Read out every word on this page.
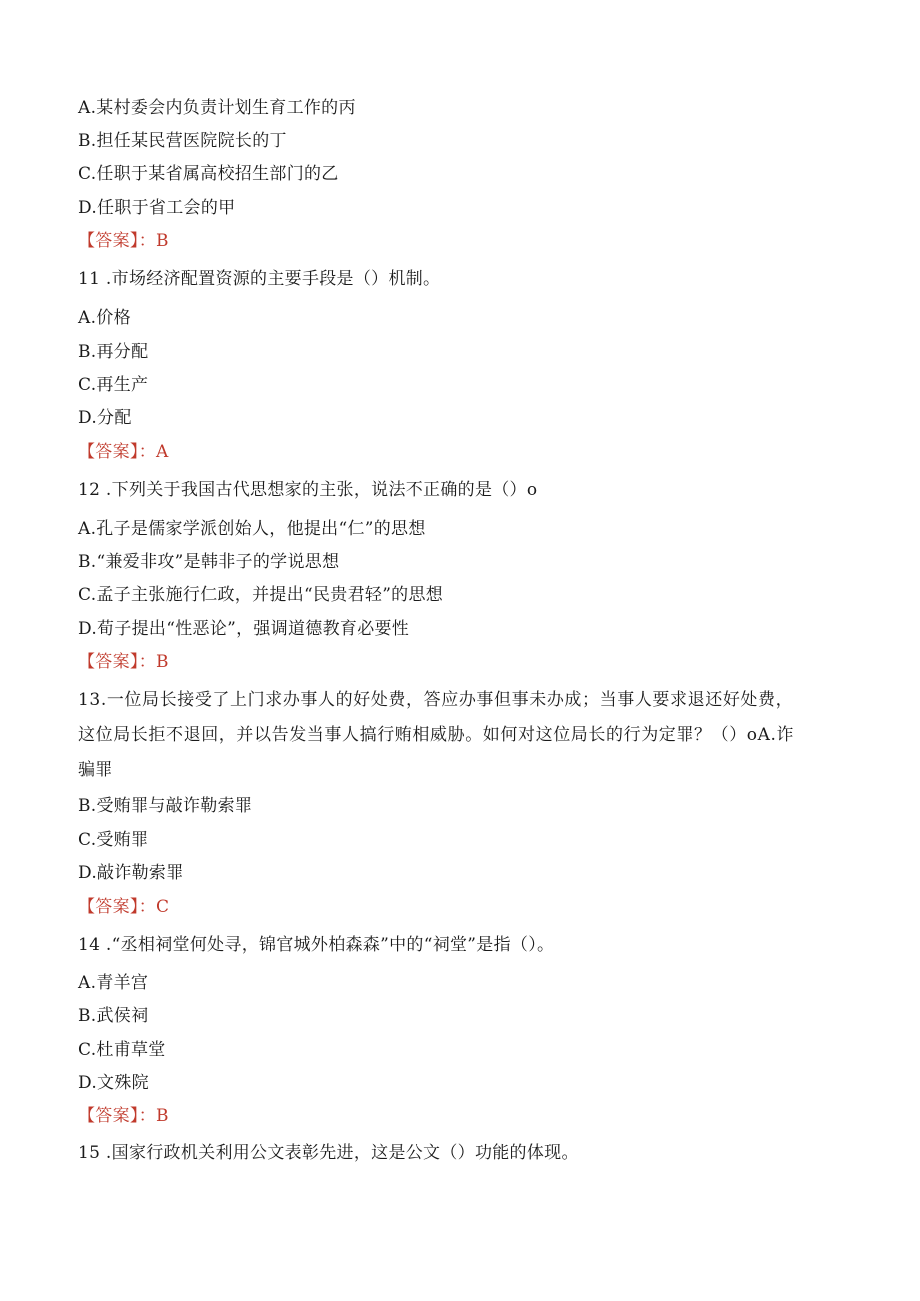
A.某村委会内负责计划生育工作的丙
B.担任某民营医院院长的丁
C.任职于某省属高校招生部门的乙
D.任职于省工会的甲
【答案】：B
11 .市场经济配置资源的主要手段是（）机制。
A.价格
B.再分配
C.再生产
D.分配
【答案】：A
12 .下列关于我国古代思想家的主张，说法不正确的是（）o
A.孔子是儒家学派创始人，他提出“仁”的思想
B.“兼爱非攻”是韩非子的学说思想
C.孟子主张施行仁政，并提出“民贵君轻”的思想
D.荀子提出“性恶论”，强调道德教育必要性
【答案】：B
13.一位局长接受了上门求办事人的好处费，答应办事但事未办成；当事人要求退还好处费，
这位局长拒不退回，并以告发当事人搞行贿相威胁。如何对这位局长的行为定罪？（）oA.诈
骗罪
B.受贿罪与敲诈勒索罪
C.受贿罪
D.敲诈勒索罪
【答案】：C
14 .“丞相祠堂何处寻，锦官城外柏森森”中的“祠堂”是指（）。
A.青羊宫
B.武侯祠
C.杜甫草堂
D.文殊院
【答案】：B
15 .国家行政机关利用公文表彰先进，这是公文（）功能的体现。
